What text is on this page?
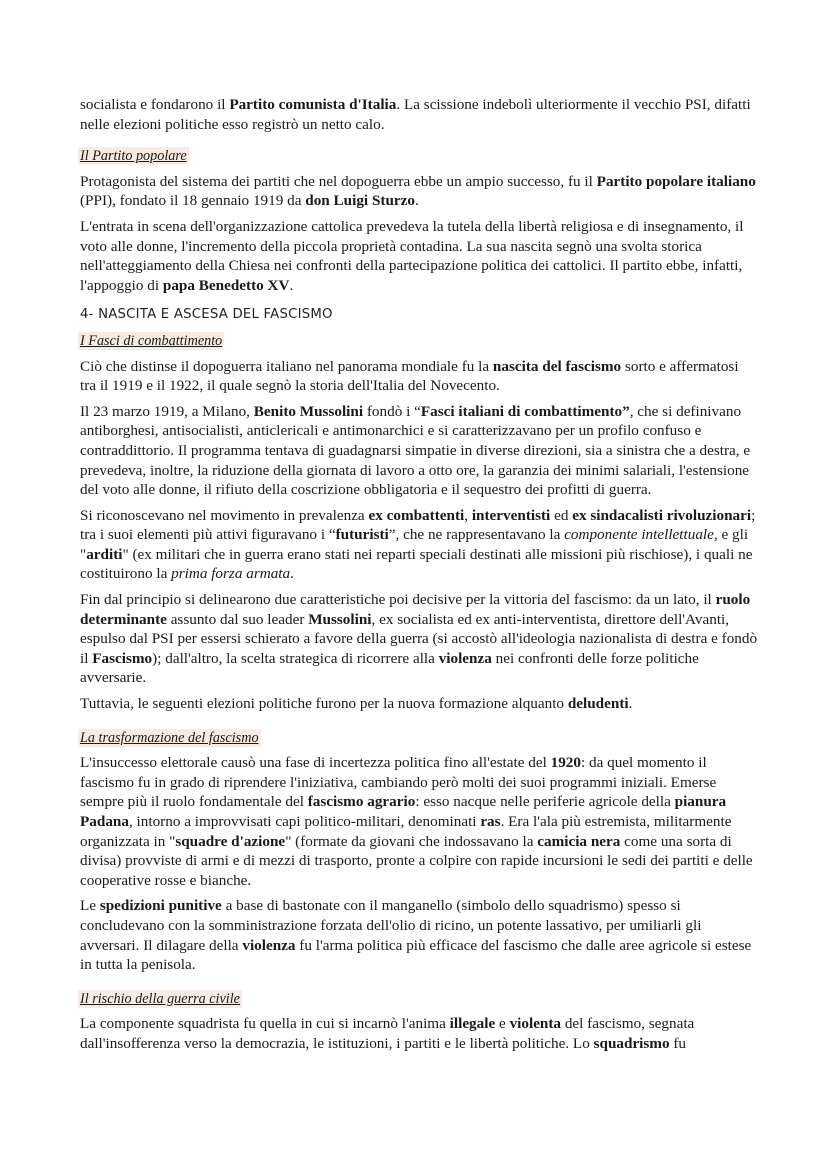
socialista e fondarono il Partito comunista d'Italia. La scissione indebolì ulteriormente il vecchio PSI, difatti nelle elezioni politiche esso registrò un netto calo.

Il Partito popolare

Protagonista del sistema dei partiti che nel dopoguerra ebbe un ampio successo, fu il Partito popolare italiano (PPI), fondato il 18 gennaio 1919 da don Luigi Sturzo.

L'entrata in scena dell'organizzazione cattolica prevedeva la tutela della libertà religiosa e di insegnamento, il voto alle donne, l'incremento della piccola proprietà contadina. La sua nascita segnò una svolta storica nell'atteggiamento della Chiesa nei confronti della partecipazione politica dei cattolici. Il partito ebbe, infatti, l'appoggio di papa Benedetto XV.

4- NASCITA E ASCESA DEL FASCISMO
I Fasci di combattimento

Ciò che distinse il dopoguerra italiano nel panorama mondiale fu la nascita del fascismo sorto e affermatosi tra il 1919 e il 1922, il quale segnò la storia dell'Italia del Novecento.

Il 23 marzo 1919, a Milano, Benito Mussolini fondò i “Fasci italiani di combattimento”, che si definivano antiborghesi, antisocialisti, anticlericali e antimonarchici e si caratterizzavano per un profilo confuso e contraddittorio. Il programma tentava di guadagnarsi simpatie in diverse direzioni, sia a sinistra che a destra, e prevedeva, inoltre, la riduzione della giornata di lavoro a otto ore, la garanzia dei minimi salariali, l'estensione del voto alle donne, il rifiuto della coscrizione obbligatoria e il sequestro dei profitti di guerra.

Si riconoscevano nel movimento in prevalenza ex combattenti, interventisti ed ex sindacalisti rivoluzionari; tra i suoi elementi più attivi figuravano i “futuristi”, che ne rappresentavano la componente intellettuale, e gli "arditi" (ex militari che in guerra erano stati nei reparti speciali destinati alle missioni più rischiose), i quali ne costituirono la prima forza armata.

Fin dal principio si delinearono due caratteristiche poi decisive per la vittoria del fascismo: da un lato, il ruolo determinante assunto dal suo leader Mussolini, ex socialista ed ex anti-interventista, direttore dell'Avanti, espulso dal PSI per essersi schierato a favore della guerra (si accostò all'ideologia nazionalista di destra e fondò il Fascismo); dall'altro, la scelta strategica di ricorrere alla violenza nei confronti delle forze politiche avversarie.

Tuttavia, le seguenti elezioni politiche furono per la nuova formazione alquanto deludenti.

La trasformazione del fascismo

L'insuccesso elettorale causò una fase di incertezza politica fino all'estate del 1920: da quel momento il fascismo fu in grado di riprendere l'iniziativa, cambiando però molti dei suoi programmi iniziali. Emerse sempre più il ruolo fondamentale del fascismo agrario: esso nacque nelle periferie agricole della pianura Padana, intorno a improvvisati capi politico-militari, denominati ras. Era l'ala più estremista, militarmente organizzata in "squadre d'azione" (formate da giovani che indossavano la camicia nera come una sorta di divisa) provviste di armi e di mezzi di trasporto, pronte a colpire con rapide incursioni le sedi dei partiti e delle cooperative rosse e bianche.

Le spedizioni punitive a base di bastonate con il manganello (simbolo dello squadrismo) spesso si concludevano con la somministrazione forzata dell'olio di ricino, un potente lassativo, per umiliarli gli avversari. Il dilagare della violenza fu l'arma politica più efficace del fascismo che dalle aree agricole si estese in tutta la penisola.

Il rischio della guerra civile

La componente squadrista fu quella in cui si incarnò l'anima illegale e violenta del fascismo, segnata dall'insofferenza verso la democrazia, le istituzioni, i partiti e le libertà politiche. Lo squadrismo fu
